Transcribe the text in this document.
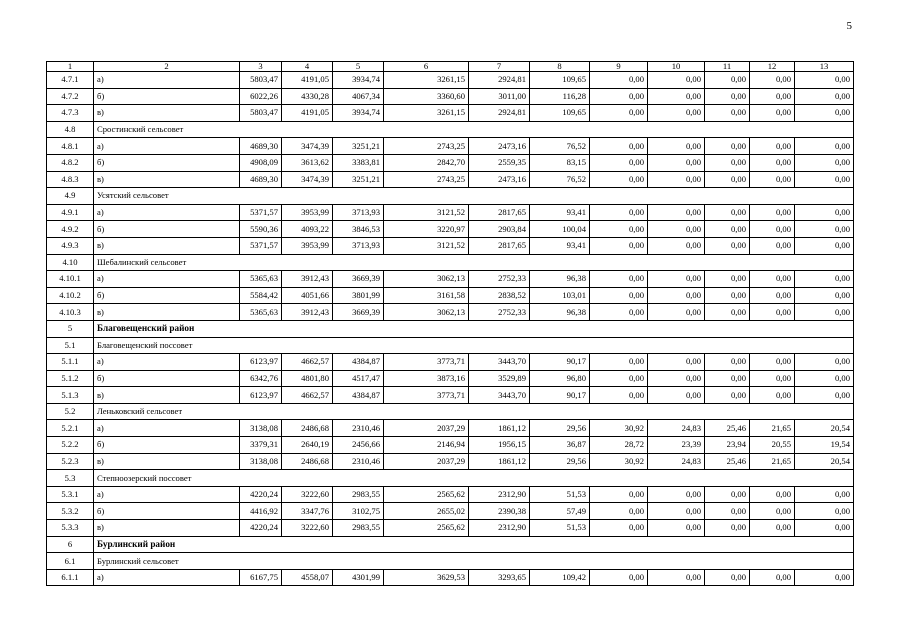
5
1	2	3	4	5	6	7	8	9	10	11	12	13
4.7.1	а)	5803,47	4191,05	3934,74	3261,15	2924,81	109,65	0,00	0,00	0,00	0,00	0,00
4.7.2	б)	6022,26	4330,28	4067,34	3360,60	3011,00	116,28	0,00	0,00	0,00	0,00	0,00
4.7.3	в)	5803,47	4191,05	3934,74	3261,15	2924,81	109,65	0,00	0,00	0,00	0,00	0,00
4.8	Сростинский сельсовет											
4.8.1	а)	4689,30	3474,39	3251,21	2743,25	2473,16	76,52	0,00	0,00	0,00	0,00	0,00
4.8.2	б)	4908,09	3613,62	3383,81	2842,70	2559,35	83,15	0,00	0,00	0,00	0,00	0,00
4.8.3	в)	4689,30	3474,39	3251,21	2743,25	2473,16	76,52	0,00	0,00	0,00	0,00	0,00
4.9	Усятский сельсовет											
4.9.1	а)	5371,57	3953,99	3713,93	3121,52	2817,65	93,41	0,00	0,00	0,00	0,00	0,00
4.9.2	б)	5590,36	4093,22	3846,53	3220,97	2903,84	100,04	0,00	0,00	0,00	0,00	0,00
4.9.3	в)	5371,57	3953,99	3713,93	3121,52	2817,65	93,41	0,00	0,00	0,00	0,00	0,00
4.10	Шебалинский сельсовет											
4.10.1	а)	5365,63	3912,43	3669,39	3062,13	2752,33	96,38	0,00	0,00	0,00	0,00	0,00
4.10.2	б)	5584,42	4051,66	3801,99	3161,58	2838,52	103,01	0,00	0,00	0,00	0,00	0,00
4.10.3	в)	5365,63	3912,43	3669,39	3062,13	2752,33	96,38	0,00	0,00	0,00	0,00	0,00
5	Благовещенский район											
5.1	Благовещенский поссовет											
5.1.1	а)	6123,97	4662,57	4384,87	3773,71	3443,70	90,17	0,00	0,00	0,00	0,00	0,00
5.1.2	б)	6342,76	4801,80	4517,47	3873,16	3529,89	96,80	0,00	0,00	0,00	0,00	0,00
5.1.3	в)	6123,97	4662,57	4384,87	3773,71	3443,70	90,17	0,00	0,00	0,00	0,00	0,00
5.2	Леньковский сельсовет											
5.2.1	а)	3138,08	2486,68	2310,46	2037,29	1861,12	29,56	30,92	24,83	25,46	21,65	20,54
5.2.2	б)	3379,31	2640,19	2456,66	2146,94	1956,15	36,87	28,72	23,39	23,94	20,55	19,54
5.2.3	в)	3138,08	2486,68	2310,46	2037,29	1861,12	29,56	30,92	24,83	25,46	21,65	20,54
5.3	Степноозерский поссовет											
5.3.1	а)	4220,24	3222,60	2983,55	2565,62	2312,90	51,53	0,00	0,00	0,00	0,00	0,00
5.3.2	б)	4416,92	3347,76	3102,75	2655,02	2390,38	57,49	0,00	0,00	0,00	0,00	0,00
5.3.3	в)	4220,24	3222,60	2983,55	2565,62	2312,90	51,53	0,00	0,00	0,00	0,00	0,00
6	Бурлинский район											
6.1	Бурлинский сельсовет											
6.1.1	а)	6167,75	4558,07	4301,99	3629,53	3293,65	109,42	0,00	0,00	0,00	0,00	0,00
